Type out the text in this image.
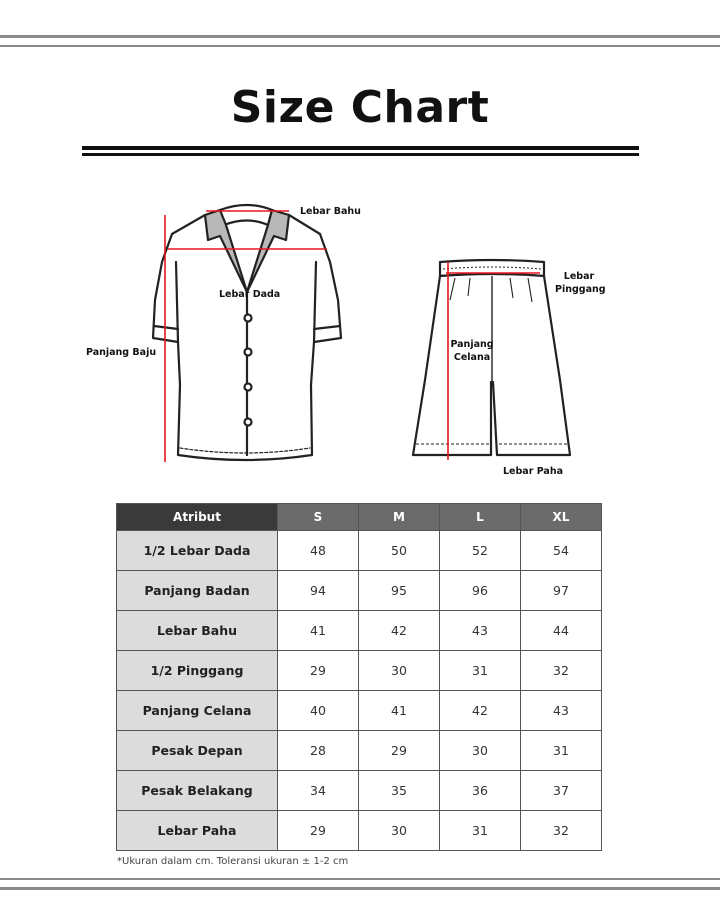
Size Chart
Lebar Bahu
Lebar Dada
Panjang Baju
Lebar
Pinggang
Panjang
Celana
Lebar Paha
Atribut	S	M	L	XL
1/2 Lebar Dada	48	50	52	54
Panjang Badan	94	95	96	97
Lebar Bahu	41	42	43	44
1/2 Pinggang	29	30	31	32
Panjang Celana	40	41	42	43
Pesak Depan	28	29	30	31
Pesak Belakang	34	35	36	37
Lebar Paha	29	30	31	32
*Ukuran dalam cm. Toleransi ukuran ± 1-2 cm
